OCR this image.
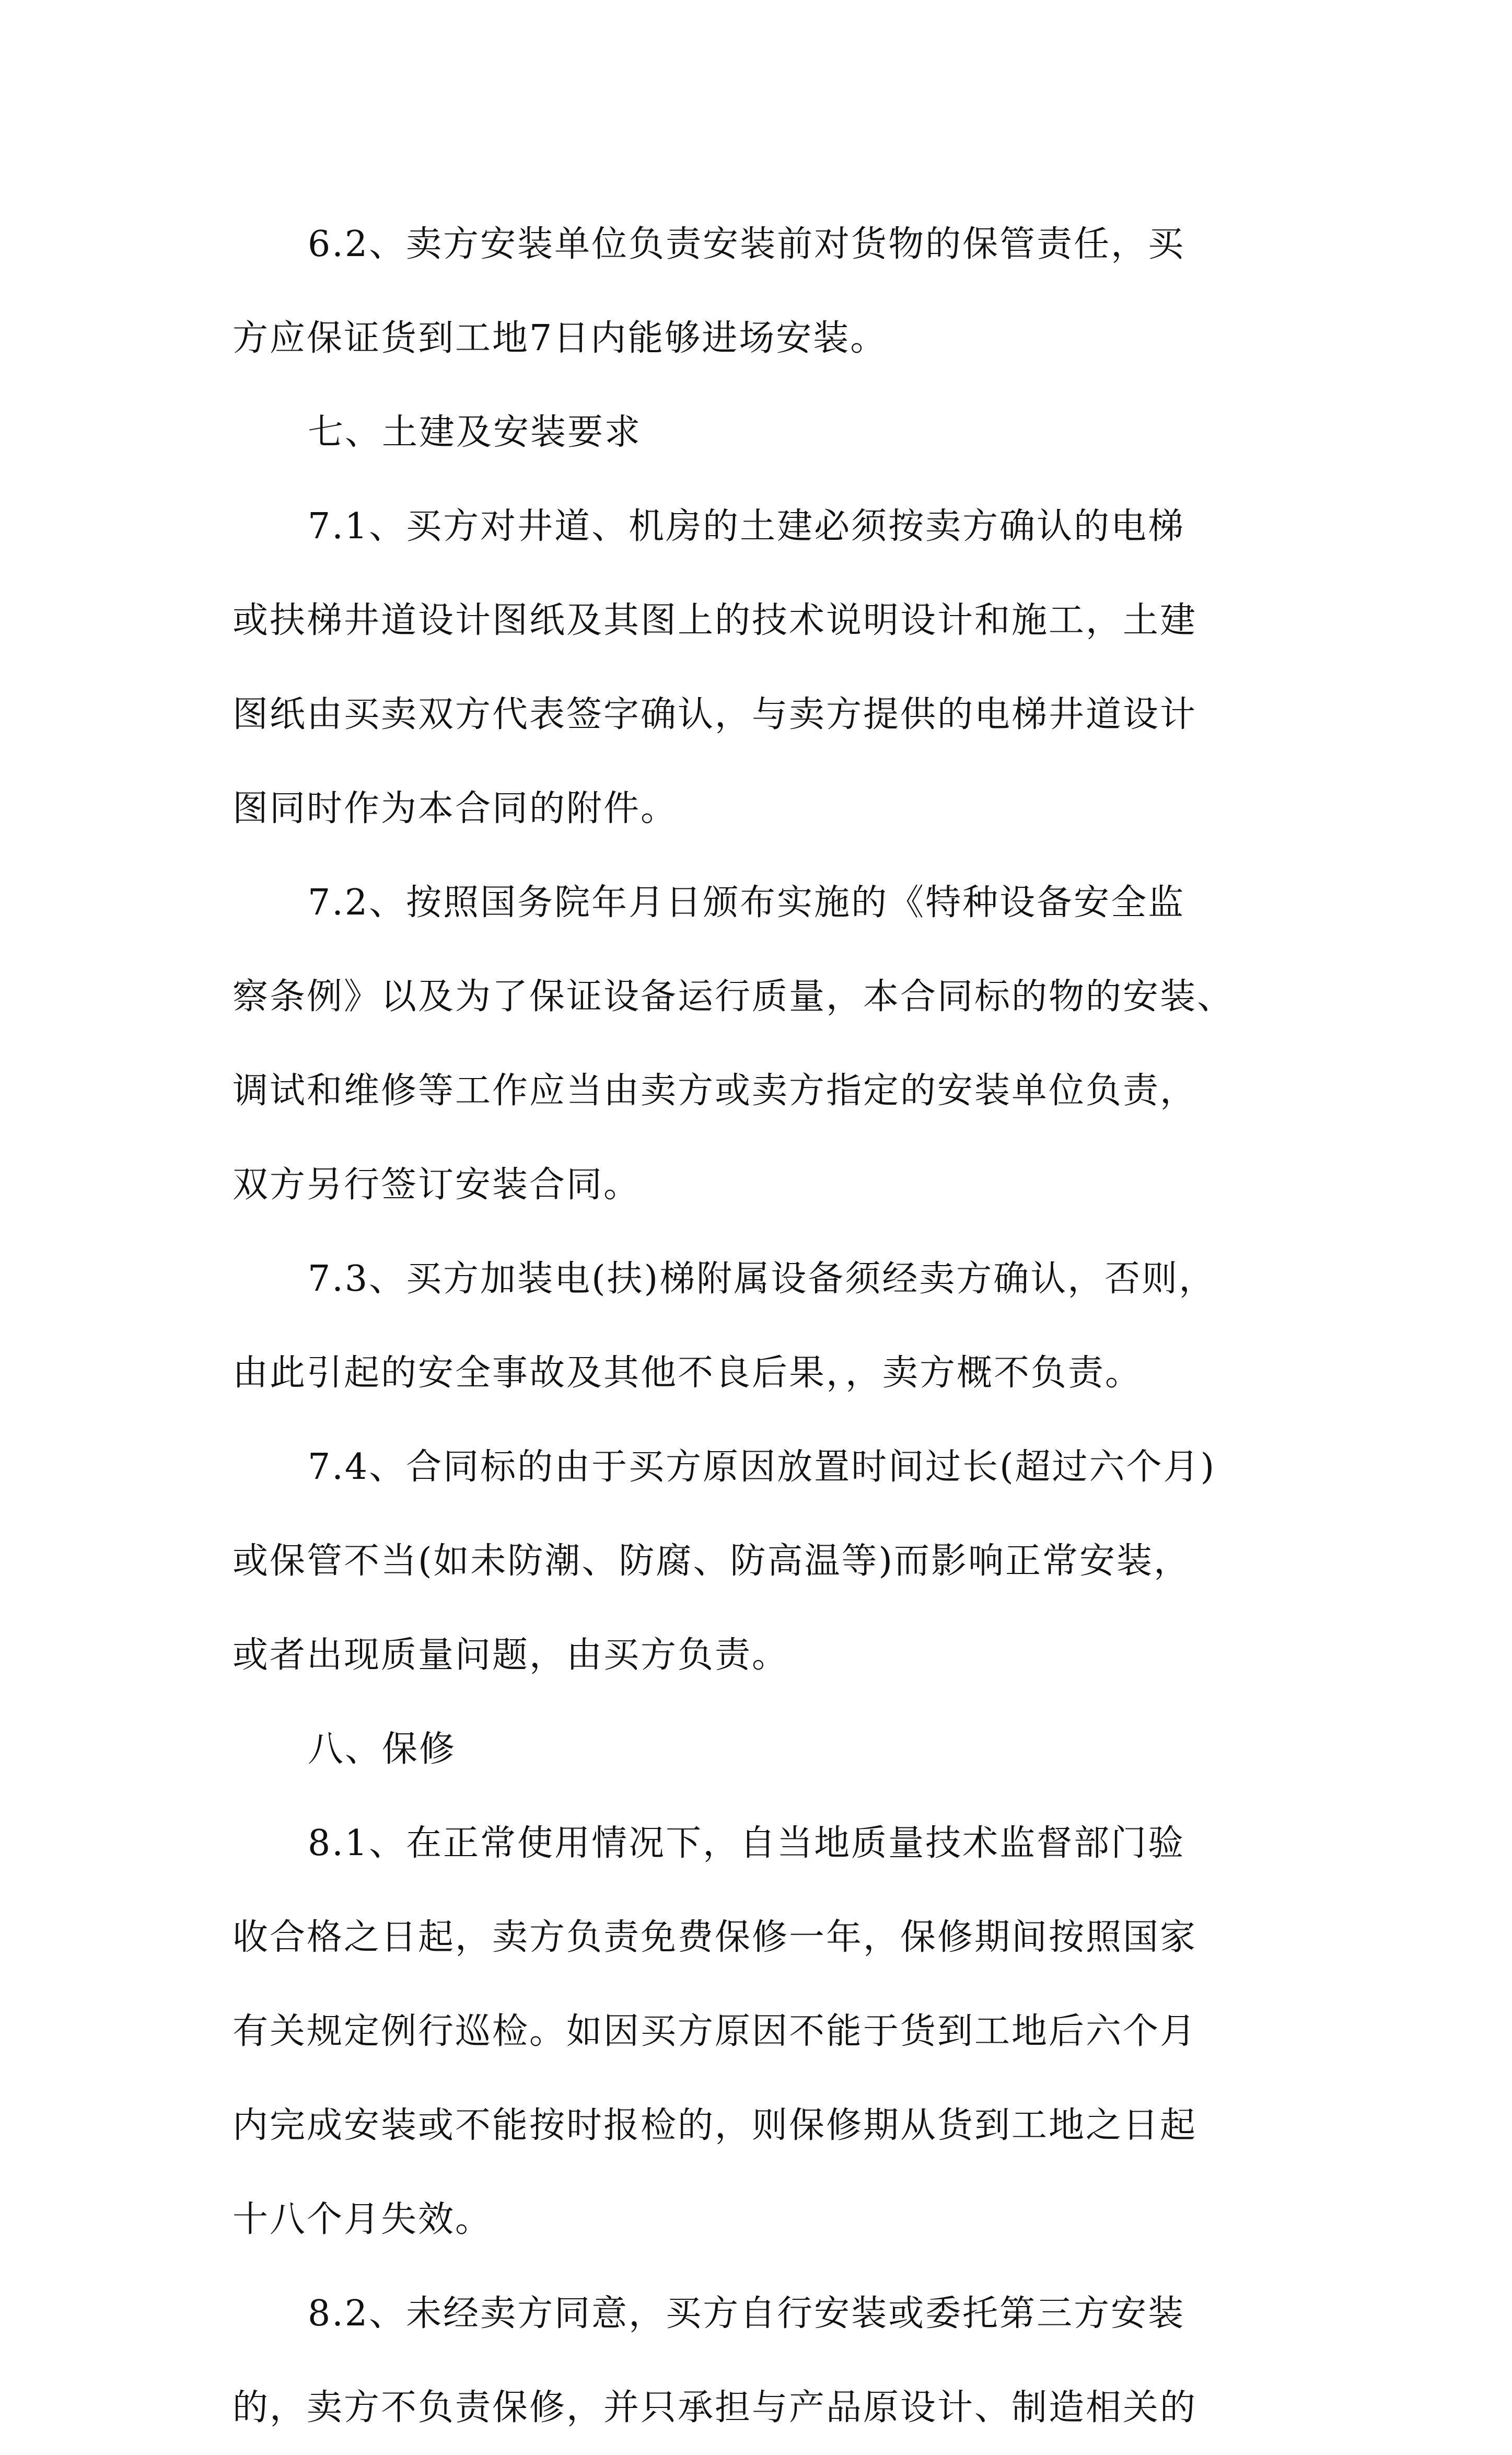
6.2、卖方安装单位负责安装前对货物的保管责任，买
方应保证货到工地7日内能够进场安装。
七、土建及安装要求
7.1、买方对井道、机房的土建必须按卖方确认的电梯
或扶梯井道设计图纸及其图上的技术说明设计和施工，土建
图纸由买卖双方代表签字确认，与卖方提供的电梯井道设计
图同时作为本合同的附件。
7.2、按照国务院年月日颁布实施的《特种设备安全监
察条例》以及为了保证设备运行质量，本合同标的物的安装、
调试和维修等工作应当由卖方或卖方指定的安装单位负责，
双方另行签订安装合同。
7.3、买方加装电(扶)梯附属设备须经卖方确认，否则，
由此引起的安全事故及其他不良后果，，卖方概不负责。
7.4、合同标的由于买方原因放置时间过长(超过六个月)
或保管不当(如未防潮、防腐、防高温等)而影响正常安装，
或者出现质量问题，由买方负责。
八、保修
8.1、在正常使用情况下，自当地质量技术监督部门验
收合格之日起，卖方负责免费保修一年，保修期间按照国家
有关规定例行巡检。如因买方原因不能于货到工地后六个月
内完成安装或不能按时报检的，则保修期从货到工地之日起
十八个月失效。
8.2、未经卖方同意，买方自行安装或委托第三方安装
的，卖方不负责保修，并只承担与产品原设计、制造相关的
